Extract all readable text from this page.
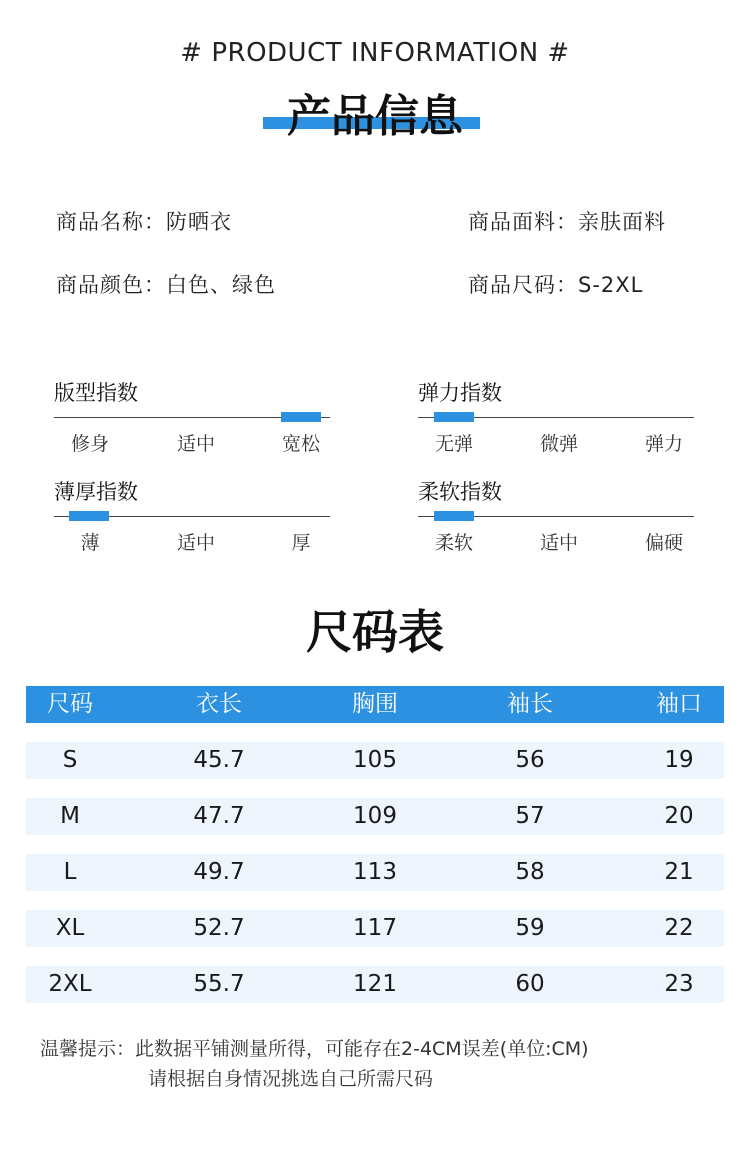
# PRODUCT INFORMATION #
产品信息
商品名称：防晒衣	商品面料：亲肤面料
商品颜色：白色、绿色	商品尺码：S-2XL
版型指数
修身	适中	宽松
弹力指数
无弹	微弹	弹力
薄厚指数
薄	适中	厚
柔软指数
柔软	适中	偏硬
尺码表
尺码	衣长	胸围	袖长	袖口
S	45.7	105	56	19
M	47.7	109	57	20
L	49.7	113	58	21
XL	52.7	117	59	22
2XL	55.7	121	60	23
温馨提示：此数据平铺测量所得，可能存在2-4CM误差(单位:CM)
请根据自身情况挑选自己所需尺码
